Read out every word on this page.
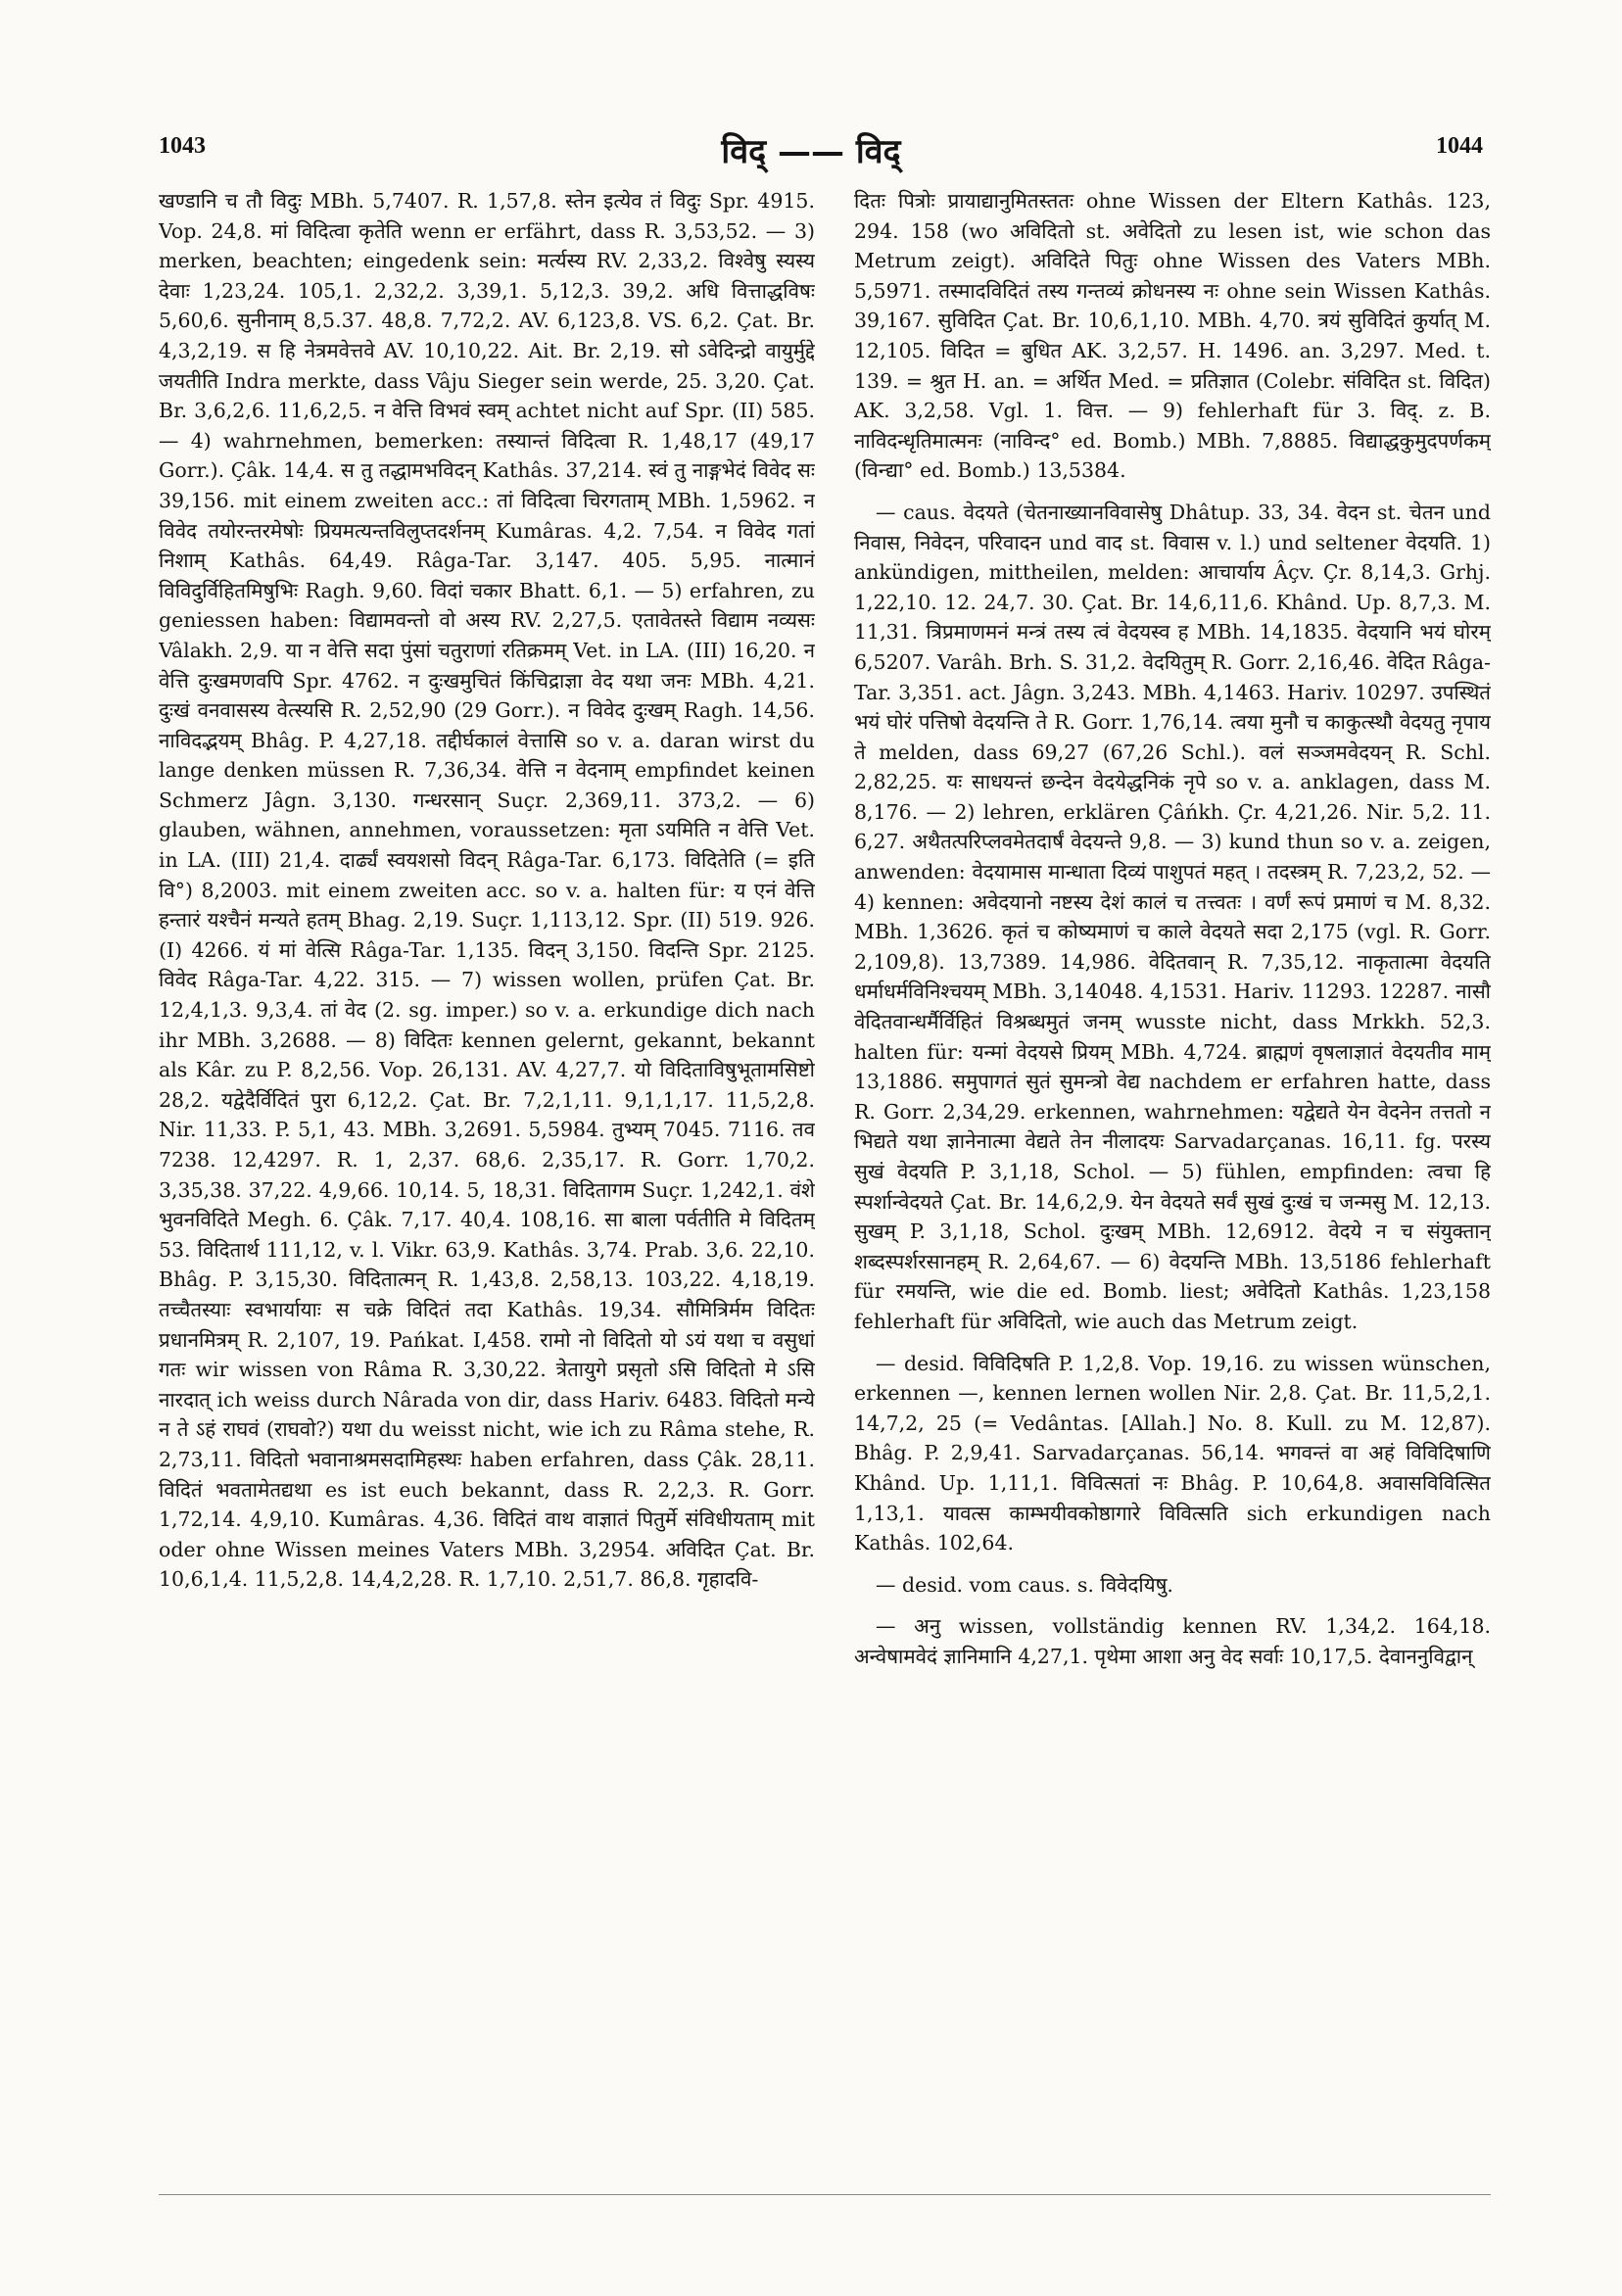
1043	विद् —— विद्	1044

खण्डानि च तौ विदुः MBh. 5,7407. R. 1,57,8. स्तेन इत्येव तं विदुः Spr. 4915. Vop. 24,8. मां विदित्वा कृतेति wenn er erfährt, dass R. 3,53,52. — 3) merken, beachten; eingedenk sein: मर्त्यस्य RV. 2,33,2. विश्वेषु स्यस्य देवाः 1,23,24. 105,1. 2,32,2. 3,39,1. 5,12,3. 39,2. अधि वित्ताद्धविषः 5,60,6. सुनीनाम् 8,5.37. 48,8. 7,72,2. AV. 6,123,8. VS. 6,2. Çat. Br. 4,3,2,19. स हि नेत्रमवेत्तवे AV. 10,10,22. Ait. Br. 2,19. सो ऽवेदिन्द्रो वायुर्मुद्दे जयतीति Indra merkte, dass Vâju Sieger sein werde, 25. 3,20. Çat. Br. 3,6,2,6. 11,6,2,5. न वेत्ति विभवं स्वम् achtet nicht auf Spr. (II) 585. — 4) wahrnehmen, bemerken: तस्यान्तं विदित्वा R. 1,48,17 (49,17 Gorr.). Çâk. 14,4. स तु तद्धामभविदन् Kathâs. 37,214. स्वं तु नाङ्गभेदं विवेद सः 39,156. mit einem zweiten acc.: तां विदित्वा चिरगताम् MBh. 1,5962. न विवेद तयोरन्तरमेषोः प्रियमत्यन्तविलुप्तदर्शनम् Kumâras. 4,2. 7,54. न विवेद गतां निशाम् Kathâs. 64,49. Râga-Tar. 3,147. 405. 5,95. नात्मानं विविदुर्विहितमिषुभिः Ragh. 9,60. विदां चकार Bhatt. 6,1. — 5) erfahren, zu geniessen haben: विद्यामवन्तो वो अस्य RV. 2,27,5. एतावेतस्ते विद्याम नव्यसः Vâlakh. 2,9. या न वेत्ति सदा पुंसां चतुराणां रतिक्रमम् Vet. in LA. (III) 16,20. न वेत्ति दुःखमणवपि Spr. 4762. न दुःखमुचितं किंचिद्राज्ञा वेद यथा जनः MBh. 4,21. दुःखं वनवासस्य वेत्स्यसि R. 2,52,90 (29 Gorr.). न विवेद दुःखम् Ragh. 14,56. नाविदद्भयम् Bhâg. P. 4,27,18. तद्दीर्घकालं वेत्तासि so v. a. daran wirst du lange denken müssen R. 7,36,34. वेत्ति न वेदनाम् empfindet keinen Schmerz Jâgn. 3,130. गन्धरसान् Suçr. 2,369,11. 373,2. — 6) glauben, wähnen, annehmen, voraussetzen: मृता ऽयमिति न वेत्ति Vet. in LA. (III) 21,4. दार्ढ्यं स्वयशसो विदन् Râga-Tar. 6,173. विदितेति (= इति वि°) 8,2003. mit einem zweiten acc. so v. a. halten für: य एनं वेत्ति हन्तारं यश्चैनं मन्यते हतम् Bhag. 2,19. Suçr. 1,113,12. Spr. (II) 519. 926. (I) 4266. यं मां वेत्सि Râga-Tar. 1,135. विदन् 3,150. विदन्ति Spr. 2125. विवेद Râga-Tar. 4,22. 315. — 7) wissen wollen, prüfen Çat. Br. 12,4,1,3. 9,3,4. तां वेद (2. sg. imper.) so v. a. erkundige dich nach ihr MBh. 3,2688. — 8) विदितः kennen gelernt, gekannt, bekannt als Kâr. zu P. 8,2,56. Vop. 26,131. AV. 4,27,7. यो विदिताविषुभूतामसिष्टो 28,2. यद्वेदैर्विदितं पुरा 6,12,2. Çat. Br. 7,2,1,11. 9,1,1,17. 11,5,2,8. Nir. 11,33. P. 5,1, 43. MBh. 3,2691. 5,5984. तुभ्यम् 7045. 7116. तव 7238. 12,4297. R. 1, 2,37. 68,6. 2,35,17. R. Gorr. 1,70,2. 3,35,38. 37,22. 4,9,66. 10,14. 5, 18,31. विदितागम Suçr. 1,242,1. वंशे भुवनविदिते Megh. 6. Çâk. 7,17. 40,4. 108,16. सा बाला पर्वतीति मे विदितम् 53. विदितार्थ 111,12, v. l. Vikr. 63,9. Kathâs. 3,74. Prab. 3,6. 22,10. Bhâg. P. 3,15,30. विदितात्मन् R. 1,43,8. 2,58,13. 103,22. 4,18,19. तच्चैतस्याः स्वभार्यायाः स चक्रे विदितं तदा Kathâs. 19,34. सौमित्रिर्मम विदितः प्रधानमित्रम् R. 2,107, 19. Pańkat. I,458. रामो नो विदितो यो ऽयं यथा च वसुधां गतः wir wissen von Râma R. 3,30,22. त्रेतायुगे प्रसृतो ऽसि विदितो मे ऽसि नारदात् ich weiss durch Nârada von dir, dass Hariv. 6483. विदितो मन्ये न ते ऽहं राघवं (राघवो?) यथा du weisst nicht, wie ich zu Râma stehe, R. 2,73,11. विदितो भवानाश्रमसदामिहस्थः haben erfahren, dass Çâk. 28,11. विदितं भवतामेतद्यथा es ist euch bekannt, dass R. 2,2,3. R. Gorr. 1,72,14. 4,9,10. Kumâras. 4,36. विदितं वाथ वाज्ञातं पितुर्मे संविधीयताम् mit oder ohne Wissen meines Vaters MBh. 3,2954. अविदित Çat. Br. 10,6,1,4. 11,5,2,8. 14,4,2,28. R. 1,7,10. 2,51,7. 86,8. गृहादवि-

दितः पित्रोः प्रायाद्यानुमितस्ततः ohne Wissen der Eltern Kathâs. 123, 294. 158 (wo अविदितो st. अवेदितो zu lesen ist, wie schon das Metrum zeigt). अविदिते पितुः ohne Wissen des Vaters MBh. 5,5971. तस्मादविदितं तस्य गन्तव्यं क्रोधनस्य नः ohne sein Wissen Kathâs. 39,167. सुविदित Çat. Br. 10,6,1,10. MBh. 4,70. त्रयं सुविदितं कुर्यात् M. 12,105. विदित = बुधित AK. 3,2,57. H. 1496. an. 3,297. Med. t. 139. = श्रुत H. an. = अर्थित Med. = प्रतिज्ञात (Colebr. संविदित st. विदित) AK. 3,2,58. Vgl. 1. वित्त. — 9) fehlerhaft für 3. विद्. z. B. नाविदन्धृतिमात्मनः (नाविन्द° ed. Bomb.) MBh. 7,8885. विद्याद्धकुमुदपर्णकम् (विन्द्या° ed. Bomb.) 13,5384.

— caus. वेदयते (चेतनाख्यानविवासेषु Dhâtup. 33, 34. वेदन st. चेतन und निवास, निवेदन, परिवादन und वाद st. विवास v. l.) und seltener वेदयति. 1) ankündigen, mittheilen, melden: आचार्याय Âçv. Çr. 8,14,3. Grhj. 1,22,10. 12. 24,7. 30. Çat. Br. 14,6,11,6. Khând. Up. 8,7,3. M. 11,31. त्रिप्रमाणमनं मन्त्रं तस्य त्वं वेदयस्व ह MBh. 14,1835. वेदयानि भयं घोरम् 6,5207. Varâh. Brh. S. 31,2. वेदयितुम् R. Gorr. 2,16,46. वेदित Râga-Tar. 3,351. act. Jâgn. 3,243. MBh. 4,1463. Hariv. 10297. उपस्थितं भयं घोरं पत्तिषो वेदयन्ति ते R. Gorr. 1,76,14. त्वया मुनौ च काकुत्स्थौ वेदयतु नृपाय ते melden, dass 69,27 (67,26 Schl.). वलं सञ्जमवेदयन् R. Schl. 2,82,25. यः साधयन्तं छन्देन वेदयेद्धनिकं नृपे so v. a. anklagen, dass M. 8,176. — 2) lehren, erklären Çâńkh. Çr. 4,21,26. Nir. 5,2. 11. 6,27. अथैतत्परिप्लवमेतदार्षं वेदयन्ते 9,8. — 3) kund thun so v. a. zeigen, anwenden: वेदयामास मान्धाता दिव्यं पाशुपतं महत् । तदस्त्रम् R. 7,23,2, 52. — 4) kennen: अवेदयानो नष्टस्य देशं कालं च तत्त्वतः । वर्णं रूपं प्रमाणं च M. 8,32. MBh. 1,3626. कृतं च कोष्यमाणं च काले वेदयते सदा 2,175 (vgl. R. Gorr. 2,109,8). 13,7389. 14,986. वेदितवान् R. 7,35,12. नाकृतात्मा वेदयति धर्माधर्मविनिश्चयम् MBh. 3,14048. 4,1531. Hariv. 11293. 12287. नासौ वेदितवान्धर्मैर्विहितं विश्रब्धमुतं जनम् wusste nicht, dass Mrkkh. 52,3. halten für: यन्मां वेदयसे प्रियम् MBh. 4,724. ब्राह्मणं वृषलाज्ञातं वेदयतीव माम् 13,1886. समुपागतं सुतं सुमन्त्रो वेद्य nachdem er erfahren hatte, dass R. Gorr. 2,34,29. erkennen, wahrnehmen: यद्वेद्यते येन वेदनेन तत्ततो न भिद्यते यथा ज्ञानेनात्मा वेद्यते तेन नीलादयः Sarvadarçanas. 16,11. fg. परस्य सुखं वेदयति P. 3,1,18, Schol. — 5) fühlen, empfinden: त्वचा हि स्पर्शान्वेदयते Çat. Br. 14,6,2,9. येन वेदयते सर्वं सुखं दुःखं च जन्मसु M. 12,13. सुखम् P. 3,1,18, Schol. दुःखम् MBh. 12,6912. वेदये न च संयुक्तान् शब्दस्पर्शरसानहम् R. 2,64,67. — 6) वेदयन्ति MBh. 13,5186 fehlerhaft für रमयन्ति, wie die ed. Bomb. liest; अवेदितो Kathâs. 1,23,158 fehlerhaft für अविदितो, wie auch das Metrum zeigt.

— desid. विविदिषति P. 1,2,8. Vop. 19,16. zu wissen wünschen, erkennen —, kennen lernen wollen Nir. 2,8. Çat. Br. 11,5,2,1. 14,7,2, 25 (= Vedântas. [Allah.] No. 8. Kull. zu M. 12,87). Bhâg. P. 2,9,41. Sarvadarçanas. 56,14. भगवन्तं वा अहं विविदिषाणि Khând. Up. 1,11,1. विवित्सतां नः Bhâg. P. 10,64,8. अवासविवित्सित 1,13,1. यावत्स काम्भयीवकोष्ठागारे विवित्सति sich erkundigen nach Kathâs. 102,64.

— desid. vom caus. s. विवेदयिषु.

— अनु wissen, vollständig kennen RV. 1,34,2. 164,18. अन्वेषामवेदं ज्ञानिमानि 4,27,1. पृथेमा आशा अनु वेद सर्वाः 10,17,5. देवाननुविद्वान्
